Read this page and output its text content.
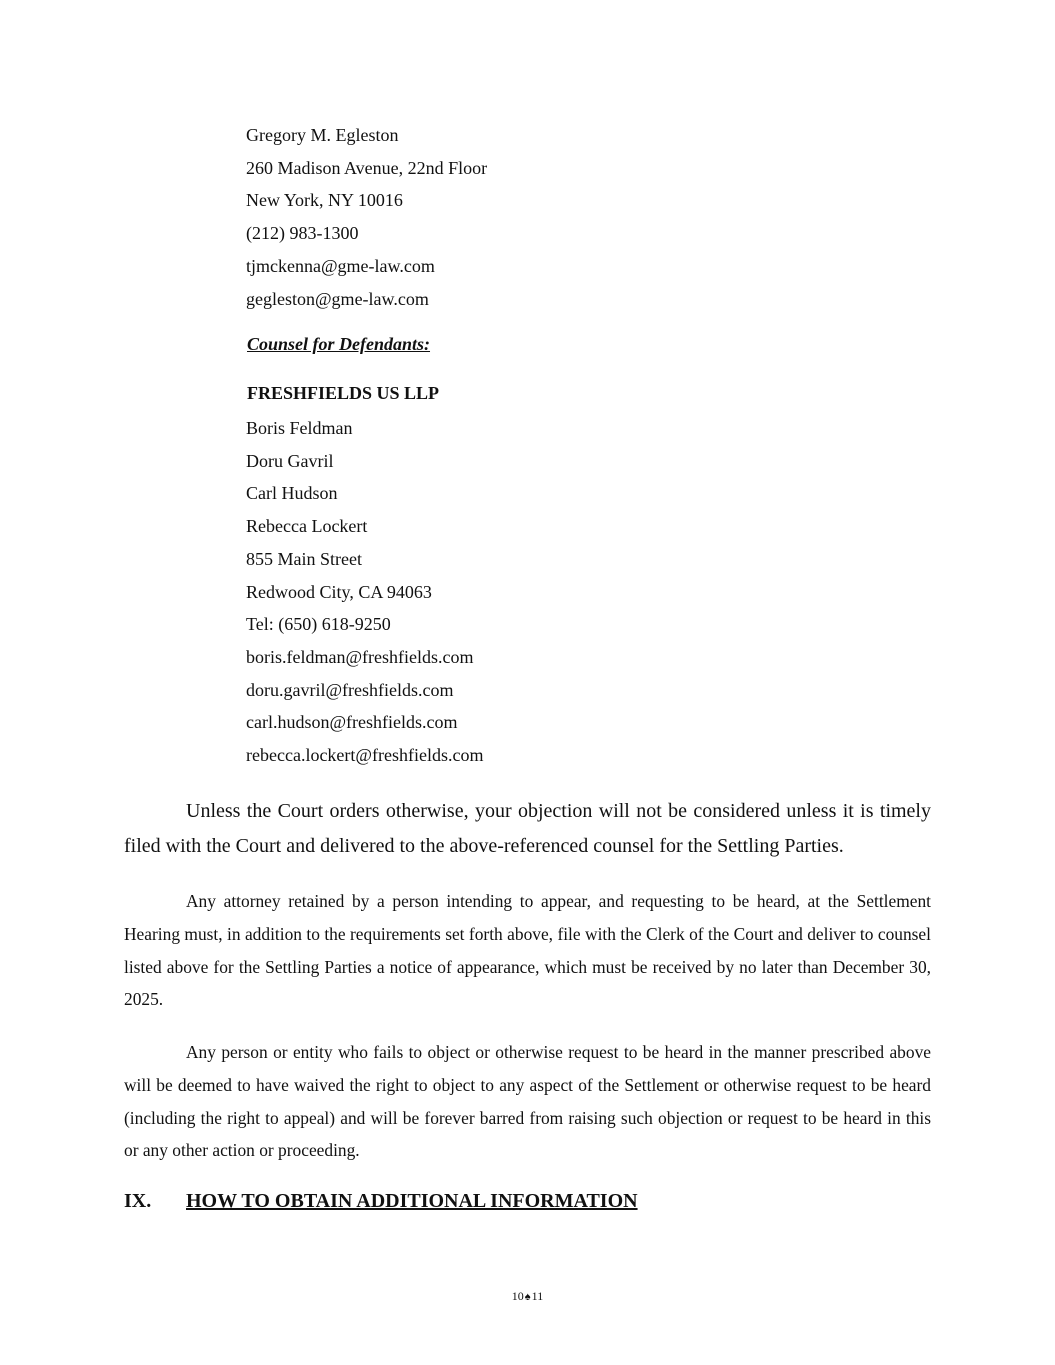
Gregory M. Egleston
260 Madison Avenue, 22nd Floor
New York, NY 10016
(212) 983-1300
tjmckenna@gme-law.com
gegleston@gme-law.com
Counsel for Defendants:
FRESHFIELDS US LLP
Boris Feldman
Doru Gavril
Carl Hudson
Rebecca Lockert
855 Main Street
Redwood City, CA 94063
Tel: (650) 618-9250
boris.feldman@freshfields.com
doru.gavril@freshfields.com
carl.hudson@freshfields.com
rebecca.lockert@freshfields.com

Unless the Court orders otherwise, your objection will not be considered unless it is timely filed with the Court and delivered to the above-referenced counsel for the Settling Parties.

Any attorney retained by a person intending to appear, and requesting to be heard, at the Settlement Hearing must, in addition to the requirements set forth above, file with the Clerk of the Court and deliver to counsel listed above for the Settling Parties a notice of appearance, which must be received by no later than December 30, 2025.

Any person or entity who fails to object or otherwise request to be heard in the manner prescribed above will be deemed to have waived the right to object to any aspect of the Settlement or otherwise request to be heard (including the right to appeal) and will be forever barred from raising such objection or request to be heard in this or any other action or proceeding.

IX. HOW TO OBTAIN ADDITIONAL INFORMATION
10♠11
